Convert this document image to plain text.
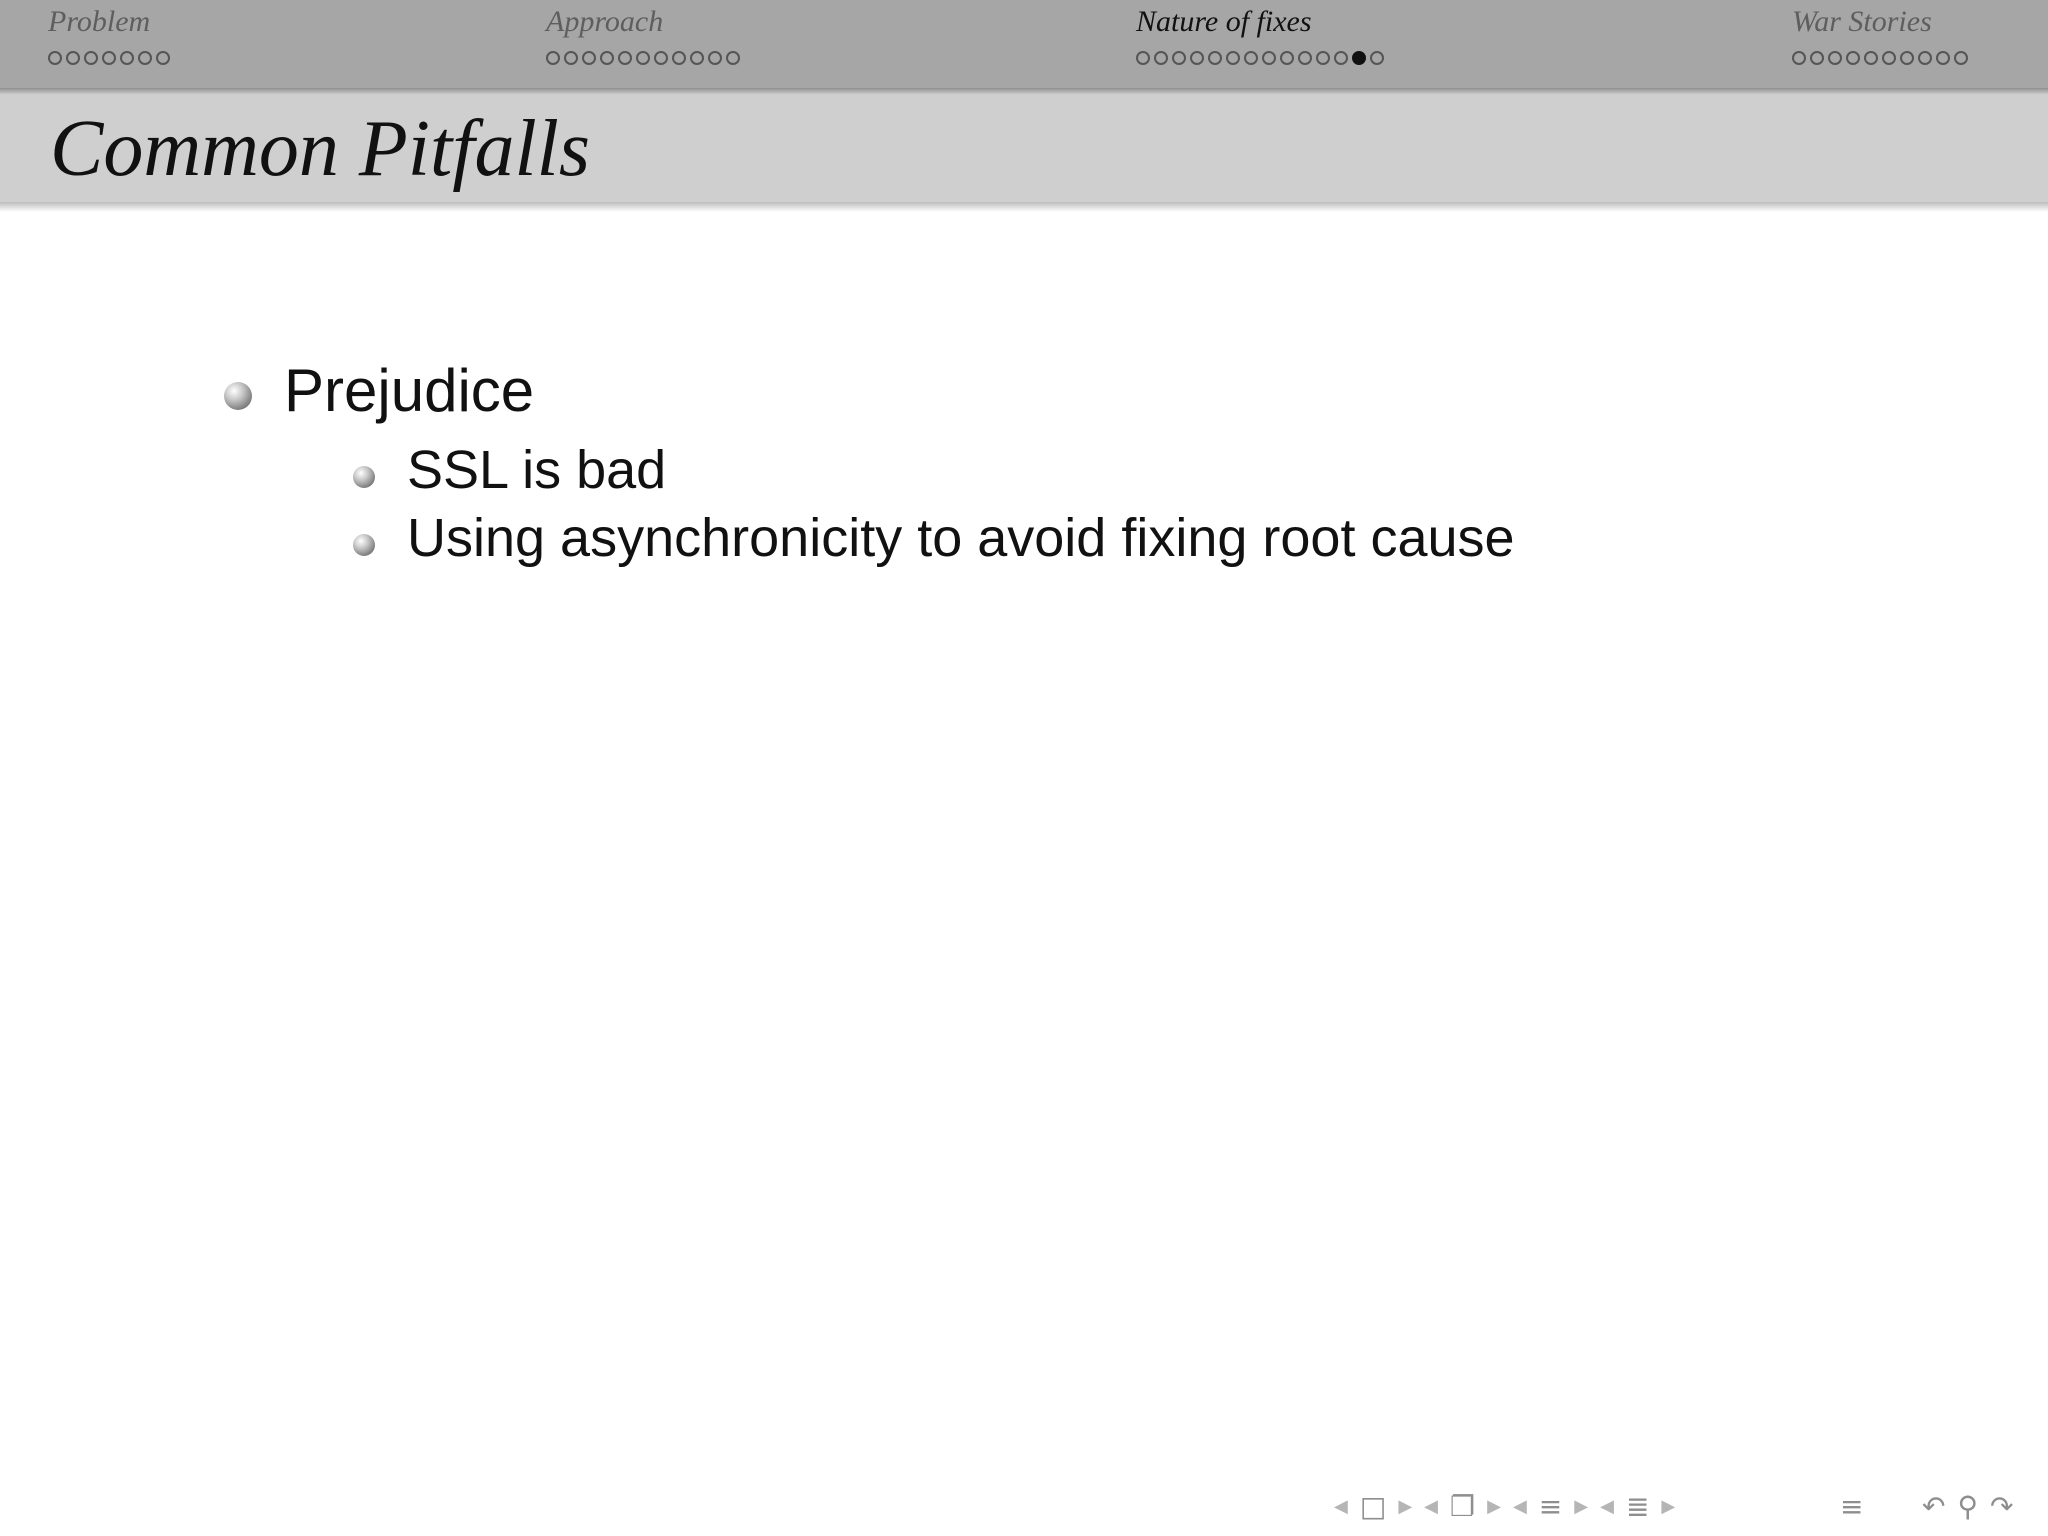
Problem	Approach	Nature of fixes	War Stories
Common Pitfalls
Prejudice
SSL is bad
Using asynchronicity to avoid fixing root cause
◀ □ ▶ ◀ ❐ ▶ ◀ ≡ ▶ ◀ ≣ ▶	≡ ↶ ⚲ ↷
